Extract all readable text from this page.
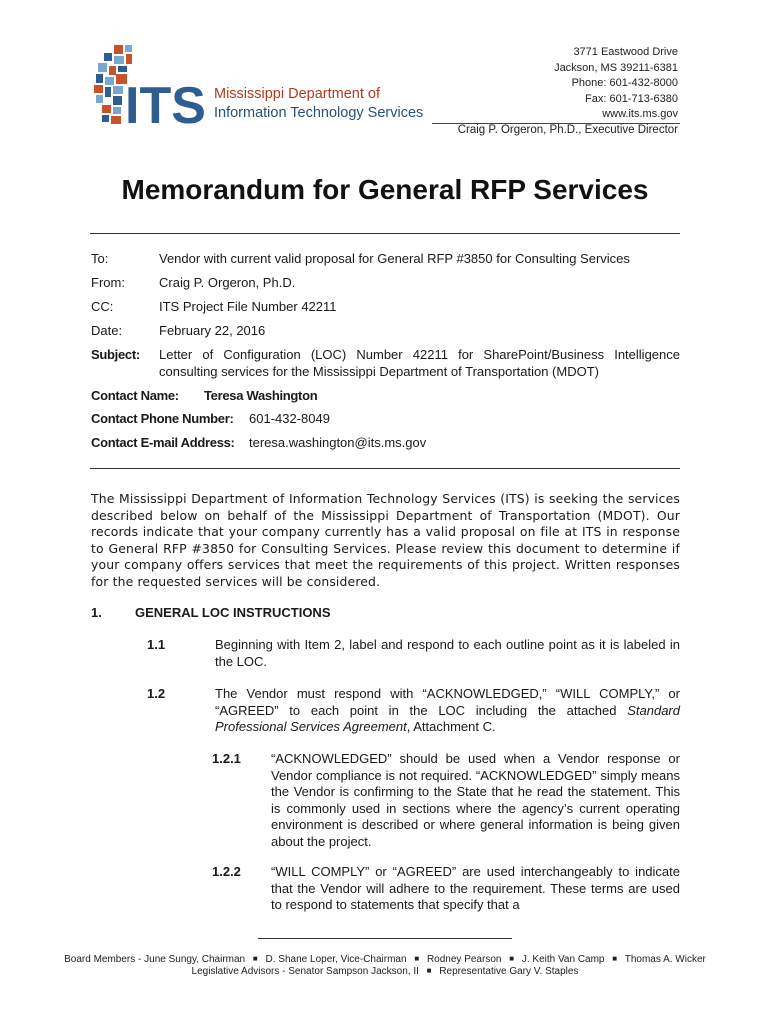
ITS Mississippi Department of
Information Technology Services
3771 Eastwood Drive
Jackson, MS 39211-6381
Phone: 601-432-8000
Fax: 601-713-6380
www.its.ms.gov
Craig P. Orgeron, Ph.D., Executive Director
Memorandum for General RFP Services
To:	Vendor with current valid proposal for General RFP #3850 for Consulting Services
From:	Craig P. Orgeron, Ph.D.
CC:	ITS Project File Number 42211
Date:	February 22, 2016
Subject: Letter of Configuration (LOC) Number 42211 for SharePoint/Business Intelligence consulting services for the Mississippi Department of Transportation (MDOT)
Contact Name: Teresa Washington
Contact Phone Number: 601-432-8049
Contact E-mail Address: teresa.washington@its.ms.gov
The Mississippi Department of Information Technology Services (ITS) is seeking the services described below on behalf of the Mississippi Department of Transportation (MDOT). Our records indicate that your company currently has a valid proposal on file at ITS in response to General RFP #3850 for Consulting Services. Please review this document to determine if your company offers services that meet the requirements of this project. Written responses for the requested services will be considered.
1.	GENERAL LOC INSTRUCTIONS
1.1	Beginning with Item 2, label and respond to each outline point as it is labeled in the LOC.
1.2	The Vendor must respond with “ACKNOWLEDGED,” “WILL COMPLY,” or “AGREED” to each point in the LOC including the attached Standard Professional Services Agreement, Attachment C.
1.2.1 “ACKNOWLEDGED” should be used when a Vendor response or Vendor compliance is not required. “ACKNOWLEDGED” simply means the Vendor is confirming to the State that he read the statement. This is commonly used in sections where the agency’s current operating environment is described or where general information is being given about the project.
1.2.2 “WILL COMPLY” or “AGREED” are used interchangeably to indicate that the Vendor will adhere to the requirement. These terms are used to respond to statements that specify that a
Board Members - June Sungy, Chairman ■ D. Shane Loper, Vice-Chairman ■ Rodney Pearson ■ J. Keith Van Camp ■ Thomas A. Wicker
Legislative Advisors - Senator Sampson Jackson, II ■ Representative Gary V. Staples
